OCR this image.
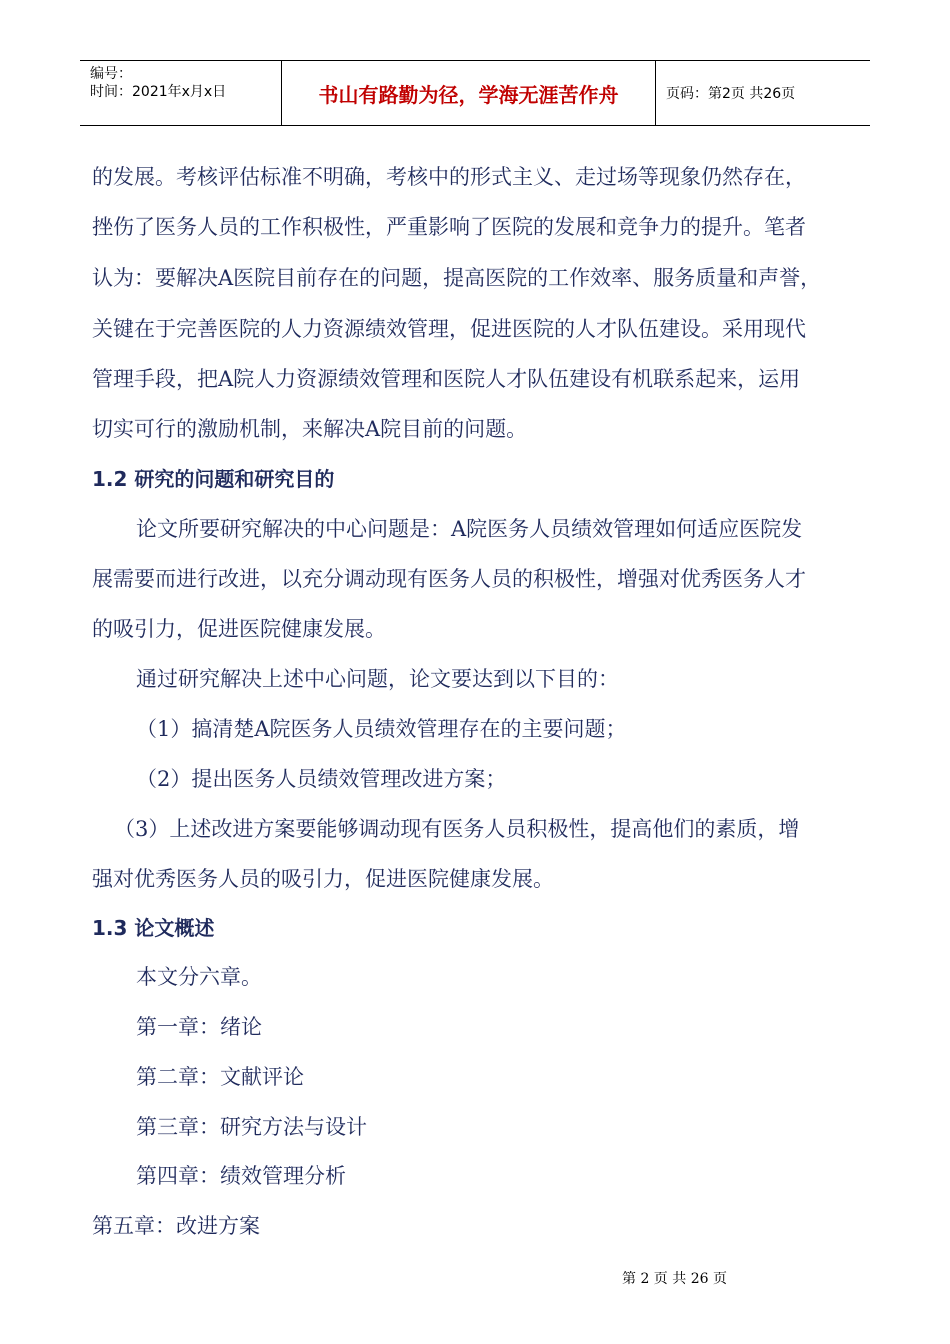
编号：
时间：2021年x月x日	书山有路勤为径，学海无涯苦作舟	页码：第2页 共26页
的发展。考核评估标准不明确，考核中的形式主义、走过场等现象仍然存在，
挫伤了医务人员的工作积极性，严重影响了医院的发展和竞争力的提升。笔者
认为：要解决A医院目前存在的问题，提高医院的工作效率、服务质量和声誉，
关键在于完善医院的人力资源绩效管理，促进医院的人才队伍建设。采用现代
管理手段，把A院人力资源绩效管理和医院人才队伍建设有机联系起来，运用
切实可行的激励机制，来解决A院目前的问题。
1.2 研究的问题和研究目的
论文所要研究解决的中心问题是：A院医务人员绩效管理如何适应医院发
展需要而进行改进，以充分调动现有医务人员的积极性，增强对优秀医务人才
的吸引力，促进医院健康发展。
通过研究解决上述中心问题，论文要达到以下目的：
（1）搞清楚A院医务人员绩效管理存在的主要问题；
（2）提出医务人员绩效管理改进方案；
（3）上述改进方案要能够调动现有医务人员积极性，提高他们的素质，增
强对优秀医务人员的吸引力，促进医院健康发展。
1.3 论文概述
本文分六章。
第一章：绪论
第二章：文献评论
第三章：研究方法与设计
第四章：绩效管理分析
第五章：改进方案
第 2 页 共 26 页
